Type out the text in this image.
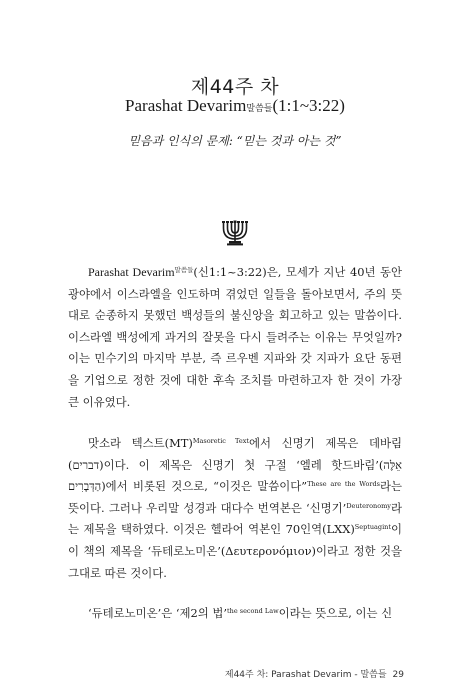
제44주 차
Parashat Devarim말씀들(1:1~3:22)
믿음과 인식의 문제: “믿는 것과 아는 것”

Parashat Devarim$^{말씀들}$(신1:1~3:22)은, 모세가 지난 40년 동안 광야에서 이스라엘을 인도하며 겪었던 일들을 돌아보면서, 주의 뜻대로 순종하지 못했던 백성들의 불신앙을 회고하고 있는 말씀이다. 이스라엘 백성에게 과거의 잘못을 다시 들려주는 이유는 무엇일까? 이는 민수기의 마지막 부분, 즉 르우벤 지파와 갓 지파가 요단 동편을 기업으로 정한 것에 대한 후속 조치를 마련하고자 한 것이 가장 큰 이유였다.

맛소라 텍스트(MT)$^{Masoretic Text}$에서 신명기 제목은 데바림(דברים)이다. 이 제목은 신명기 첫 구절 ‘엘레 핫드바림’(אֵלֶּה הַדְּבָרִים)에서 비롯된 것으로, “이것은 말씀이다”$^{These are the Words}$라는 뜻이다. 그러나 우리말 성경과 대다수 번역본은 ‘신명기’$^{Deuteronomy}$라는 제목을 택하였다. 이것은 헬라어 역본인 70인역(LXX)$^{Septuagint}$이 이 책의 제목을 ‘듀테로노미온’(Δευτερονόμιον)이라고 정한 것을 그대로 따른 것이다.

‘듀테로노미온’은 ‘제2의 법’$^{the second Law}$이라는 뜻으로, 이는 신

제44주 차: Parashat Devarim - 말씀들 29
